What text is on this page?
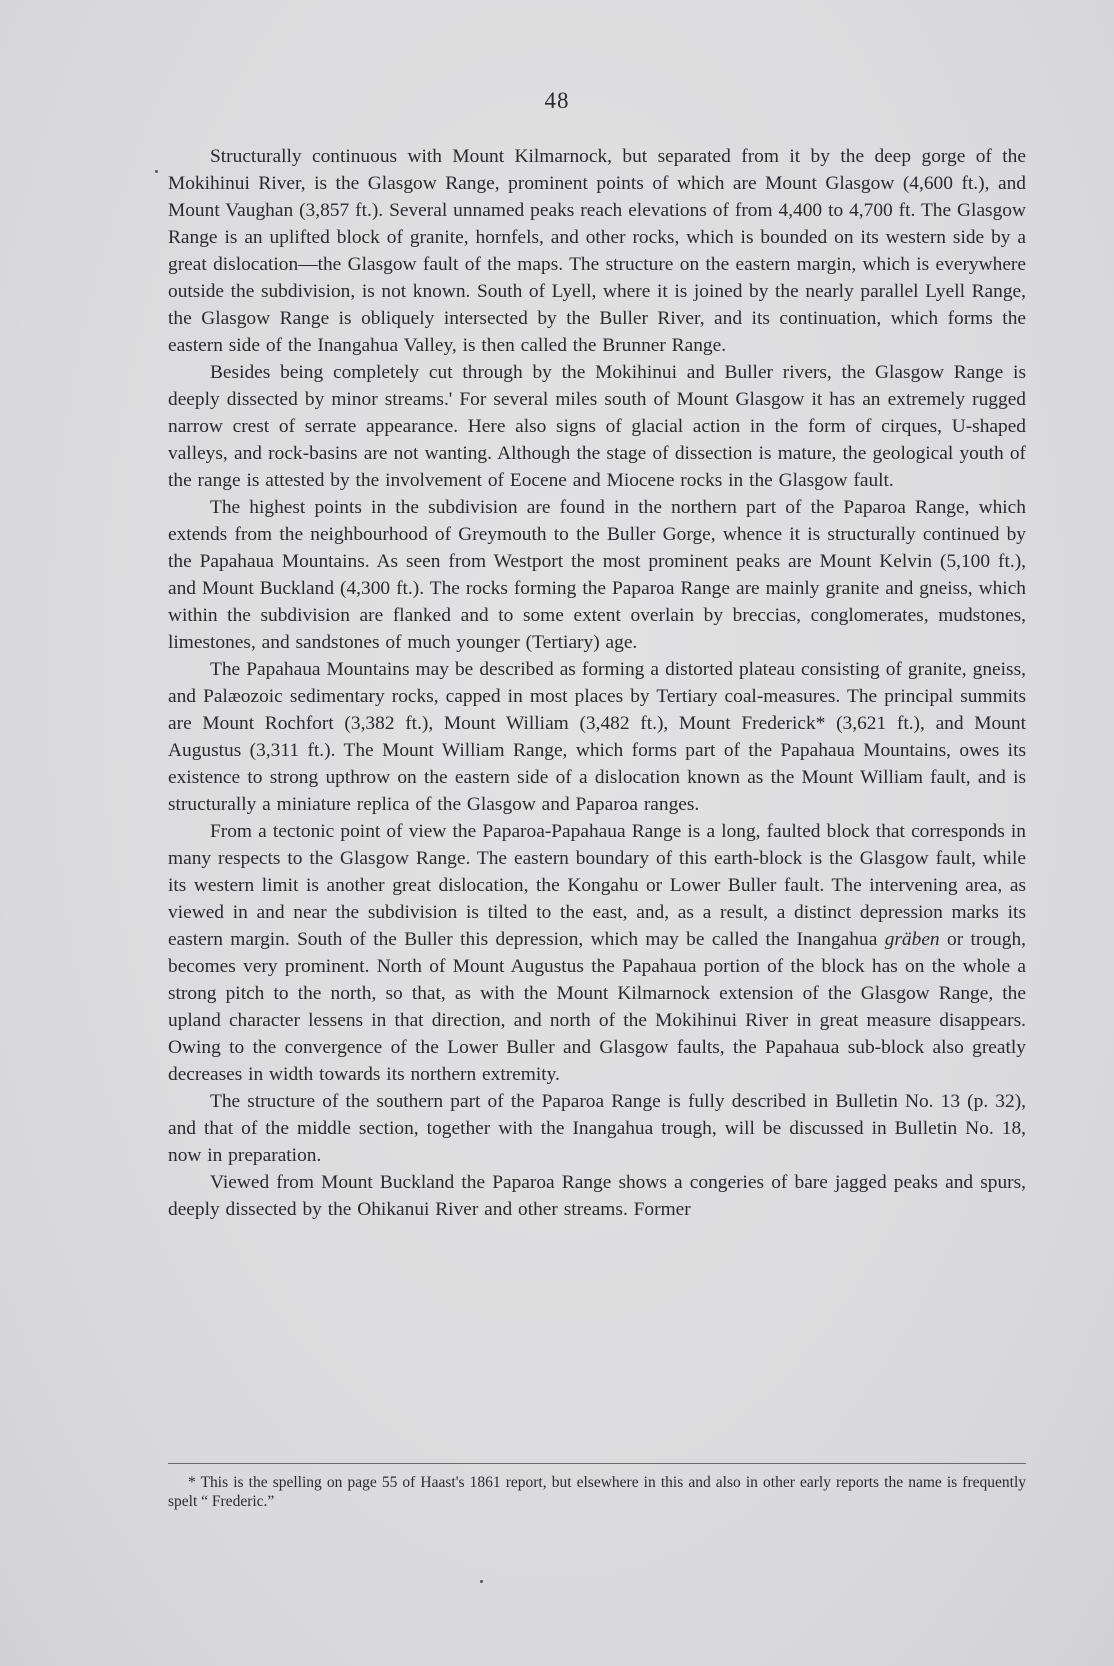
48

Structurally continuous with Mount Kilmarnock, but separated from it by the deep gorge of the Mokihinui River, is the Glasgow Range, prominent points of which are Mount Glasgow (4,600 ft.), and Mount Vaughan (3,857 ft.). Several unnamed peaks reach elevations of from 4,400 to 4,700 ft. The Glasgow Range is an uplifted block of granite, hornfels, and other rocks, which is bounded on its western side by a great dislocation—the Glasgow fault of the maps. The structure on the eastern margin, which is everywhere outside the subdivision, is not known. South of Lyell, where it is joined by the nearly parallel Lyell Range, the Glasgow Range is obliquely intersected by the Buller River, and its continuation, which forms the eastern side of the Inangahua Valley, is then called the Brunner Range.

Besides being completely cut through by the Mokihinui and Buller rivers, the Glasgow Range is deeply dissected by minor streams.' For several miles south of Mount Glasgow it has an extremely rugged narrow crest of serrate appearance. Here also signs of glacial action in the form of cirques, U-shaped valleys, and rock-basins are not wanting. Although the stage of dissection is mature, the geological youth of the range is attested by the involvement of Eocene and Miocene rocks in the Glasgow fault.

The highest points in the subdivision are found in the northern part of the Paparoa Range, which extends from the neighbourhood of Greymouth to the Buller Gorge, whence it is structurally continued by the Papahaua Mountains. As seen from Westport the most prominent peaks are Mount Kelvin (5,100 ft.), and Mount Buckland (4,300 ft.). The rocks forming the Paparoa Range are mainly granite and gneiss, which within the subdivision are flanked and to some extent overlain by breccias, conglomerates, mudstones, limestones, and sandstones of much younger (Tertiary) age.

The Papahaua Mountains may be described as forming a distorted plateau consisting of granite, gneiss, and Palæozoic sedimentary rocks, capped in most places by Tertiary coal-measures. The principal summits are Mount Rochfort (3,382 ft.), Mount William (3,482 ft.), Mount Frederick* (3,621 ft.), and Mount Augustus (3,311 ft.). The Mount William Range, which forms part of the Papahaua Mountains, owes its existence to strong upthrow on the eastern side of a dislocation known as the Mount William fault, and is structurally a miniature replica of the Glasgow and Paparoa ranges.

From a tectonic point of view the Paparoa-Papahaua Range is a long, faulted block that corresponds in many respects to the Glasgow Range. The eastern boundary of this earth-block is the Glasgow fault, while its western limit is another great dislocation, the Kongahu or Lower Buller fault. The intervening area, as viewed in and near the subdivision is tilted to the east, and, as a result, a distinct depression marks its eastern margin. South of the Buller this depression, which may be called the Inangahua gräben or trough, becomes very prominent. North of Mount Augustus the Papahaua portion of the block has on the whole a strong pitch to the north, so that, as with the Mount Kilmarnock extension of the Glasgow Range, the upland character lessens in that direction, and north of the Mokihinui River in great measure disappears. Owing to the convergence of the Lower Buller and Glasgow faults, the Papahaua sub-block also greatly decreases in width towards its northern extremity.

The structure of the southern part of the Paparoa Range is fully described in Bulletin No. 13 (p. 32), and that of the middle section, together with the Inangahua trough, will be discussed in Bulletin No. 18, now in preparation.

Viewed from Mount Buckland the Paparoa Range shows a congeries of bare jagged peaks and spurs, deeply dissected by the Ohikanui River and other streams. Former

* This is the spelling on page 55 of Haast's 1861 report, but elsewhere in this and also in other early reports the name is frequently spelt “ Frederic.”
